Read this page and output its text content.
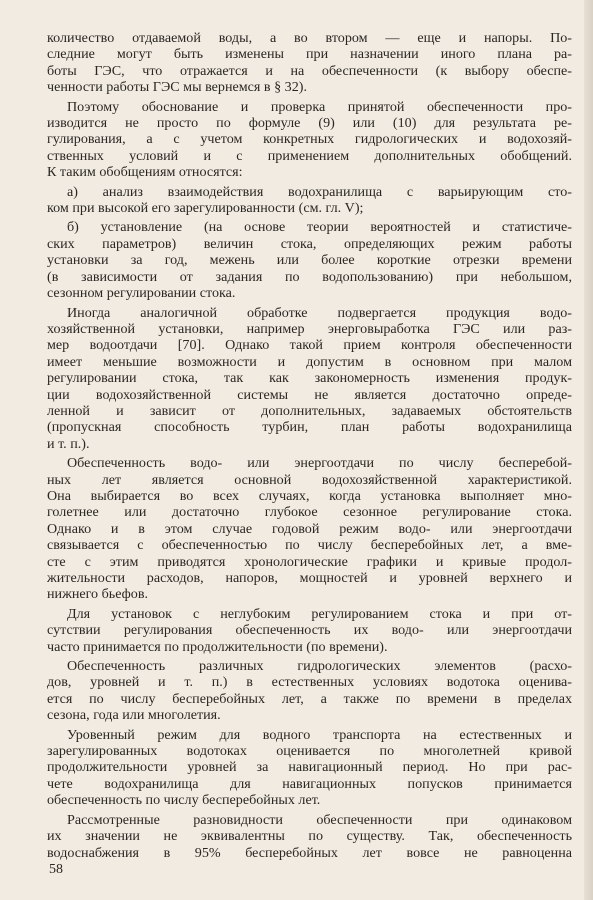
количество отдаваемой воды, а во втором — еще и напоры. По-
следние могут быть изменены при назначении иного плана ра-
боты ГЭС, что отражается и на обеспеченности (к выбору обеспе-
ченности работы ГЭС мы вернемся в § 32).
Поэтому обоснование и проверка принятой обеспеченности про-
изводится не просто по формуле (9) или (10) для результата ре-
гулирования, а с учетом конкретных гидрологических и водохозяй-
ственных условий и с применением дополнительных обобщений.
К таким обобщениям относятся:
а) анализ взаимодействия водохранилища с варьирующим сто-
ком при высокой его зарегулированности (см. гл. V);
б) установление (на основе теории вероятностей и статистиче-
ских параметров) величин стока, определяющих режим работы
установки за год, межень или более короткие отрезки времени
(в зависимости от задания по водопользованию) при небольшом,
сезонном регулировании стока.
Иногда аналогичной обработке подвергается продукция водо-
хозяйственной установки, например энерговыработка ГЭС или раз-
мер водоотдачи [70]. Однако такой прием контроля обеспеченности
имеет меньшие возможности и допустим в основном при малом
регулировании стока, так как закономерность изменения продук-
ции водохозяйственной системы не является достаточно опреде-
ленной и зависит от дополнительных, задаваемых обстоятельств
(пропускная способность турбин, план работы водохранилища
и т. п.).
Обеспеченность водо- или энергоотдачи по числу бесперебой-
ных лет является основной водохозяйственной характеристикой.
Она выбирается во всех случаях, когда установка выполняет мно-
голетнее или достаточно глубокое сезонное регулирование стока.
Однако и в этом случае годовой режим водо- или энергоотдачи
связывается с обеспеченностью по числу бесперебойных лет, а вме-
сте с этим приводятся хронологические графики и кривые продол-
жительности расходов, напоров, мощностей и уровней верхнего и
нижнего бьефов.
Для установок с неглубоким регулированием стока и при от-
сутствии регулирования обеспеченность их водо- или энергоотдачи
часто принимается по продолжительности (по времени).
Обеспеченность различных гидрологических элементов (расхо-
дов, уровней и т. п.) в естественных условиях водотока оценива-
ется по числу бесперебойных лет, а также по времени в пределах
сезона, года или многолетия.
Уровенный режим для водного транспорта на естественных и
зарегулированных водотоках оценивается по многолетней кривой
продолжительности уровней за навигационный период. Но при рас-
чете водохранилища для навигационных попусков принимается
обеспеченность по числу бесперебойных лет.
Рассмотренные разновидности обеспеченности при одинаковом
их значении не эквивалентны по существу. Так, обеспеченность
водоснабжения в 95% бесперебойных лет вовсе не равноценна
58
